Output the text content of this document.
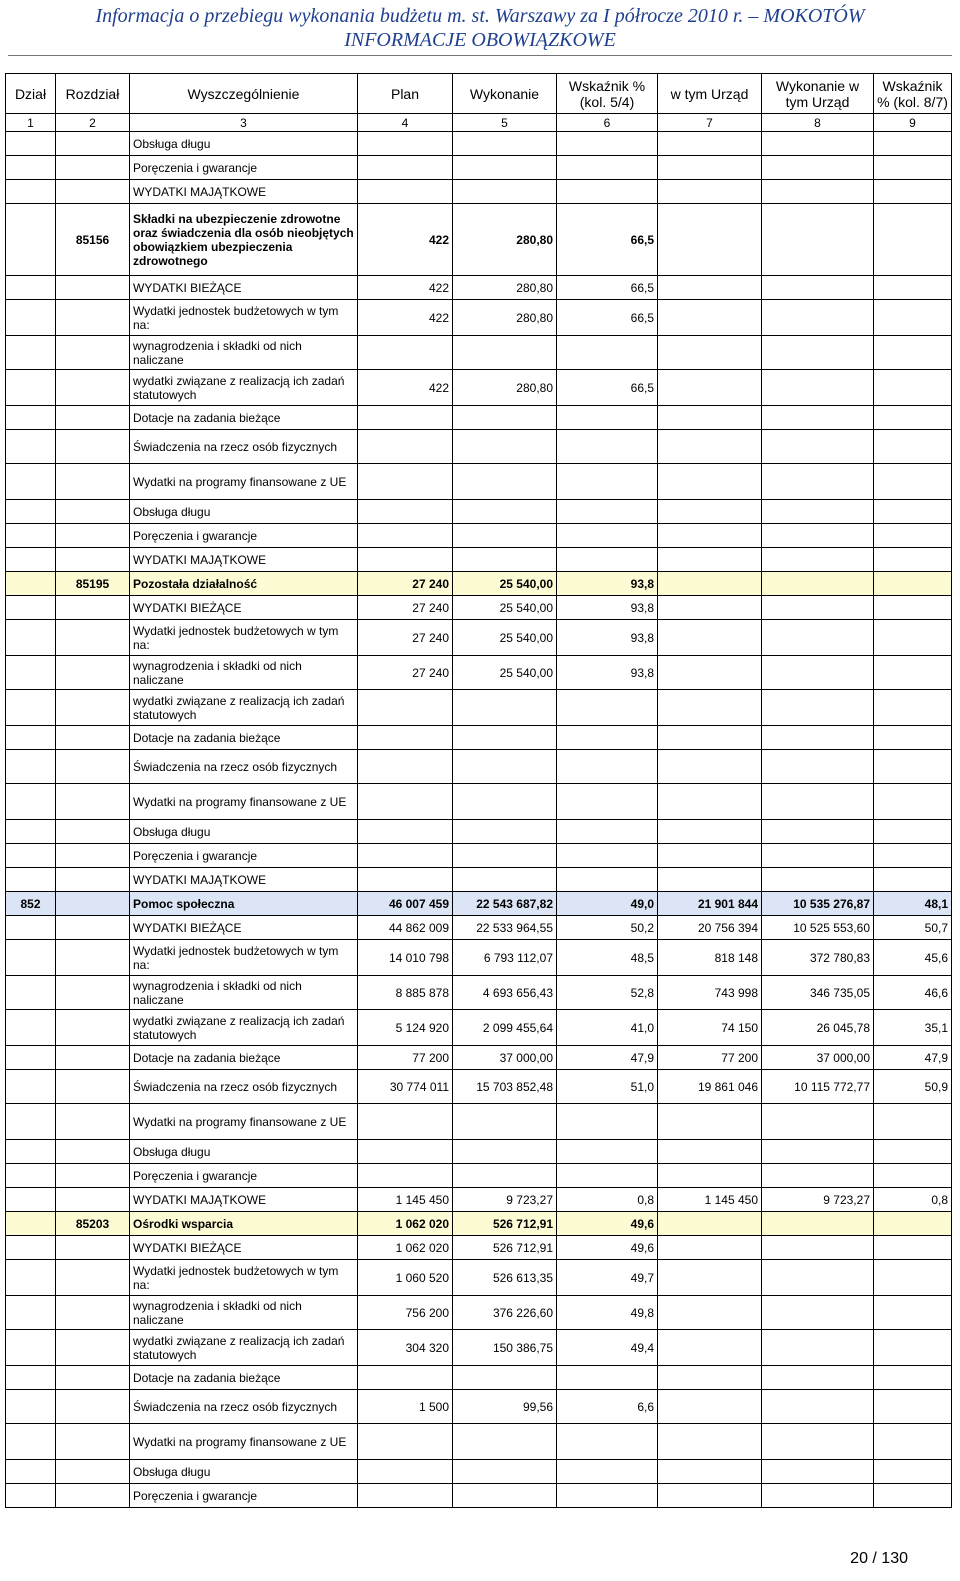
Informacja o przebiegu wykonania budżetu m. st. Warszawy za I półrocze 2010 r. – MOKOTÓW
INFORMACJE OBOWIĄZKOWE
Dział	Rozdział	Wyszczególnienie	Plan	Wykonanie	Wskaźnik % (kol. 5/4)	w tym Urząd	Wykonanie w tym Urząd	Wskaźnik % (kol. 8/7)
1	2	3	4	5	6	7	8	9
		Obsługa długu						
		Poręczenia i gwarancje						
		WYDATKI MAJĄTKOWE						
	85156	Składki na ubezpieczenie zdrowotne oraz świadczenia dla osób nieobjętych obowiązkiem ubezpieczenia zdrowotnego	422	280,80	66,5			
		WYDATKI BIEŻĄCE	422	280,80	66,5			
		Wydatki jednostek budżetowych w tym na:	422	280,80	66,5			
		wynagrodzenia i składki od nich naliczane						
		wydatki związane z realizacją ich zadań statutowych	422	280,80	66,5			
		Dotacje na zadania bieżące						
		Świadczenia na rzecz osób fizycznych						
		Wydatki na programy finansowane z UE						
		Obsługa długu						
		Poręczenia i gwarancje						
		WYDATKI MAJĄTKOWE						
	85195	Pozostała działalność	27 240	25 540,00	93,8			
		WYDATKI BIEŻĄCE	27 240	25 540,00	93,8			
		Wydatki jednostek budżetowych w tym na:	27 240	25 540,00	93,8			
		wynagrodzenia i składki od nich naliczane	27 240	25 540,00	93,8			
		wydatki związane z realizacją ich zadań statutowych						
		Dotacje na zadania bieżące						
		Świadczenia na rzecz osób fizycznych						
		Wydatki na programy finansowane z UE						
		Obsługa długu						
		Poręczenia i gwarancje						
		WYDATKI MAJĄTKOWE						
852		Pomoc społeczna	46 007 459	22 543 687,82	49,0	21 901 844	10 535 276,87	48,1
		WYDATKI BIEŻĄCE	44 862 009	22 533 964,55	50,2	20 756 394	10 525 553,60	50,7
		Wydatki jednostek budżetowych w tym na:	14 010 798	6 793 112,07	48,5	818 148	372 780,83	45,6
		wynagrodzenia i składki od nich naliczane	8 885 878	4 693 656,43	52,8	743 998	346 735,05	46,6
		wydatki związane z realizacją ich zadań statutowych	5 124 920	2 099 455,64	41,0	74 150	26 045,78	35,1
		Dotacje na zadania bieżące	77 200	37 000,00	47,9	77 200	37 000,00	47,9
		Świadczenia na rzecz osób fizycznych	30 774 011	15 703 852,48	51,0	19 861 046	10 115 772,77	50,9
		Wydatki na programy finansowane z UE						
		Obsługa długu						
		Poręczenia i gwarancje						
		WYDATKI MAJĄTKOWE	1 145 450	9 723,27	0,8	1 145 450	9 723,27	0,8
	85203	Ośrodki wsparcia	1 062 020	526 712,91	49,6			
		WYDATKI BIEŻĄCE	1 062 020	526 712,91	49,6			
		Wydatki jednostek budżetowych w tym na:	1 060 520	526 613,35	49,7			
		wynagrodzenia i składki od nich naliczane	756 200	376 226,60	49,8			
		wydatki związane z realizacją ich zadań statutowych	304 320	150 386,75	49,4			
		Dotacje na zadania bieżące						
		Świadczenia na rzecz osób fizycznych	1 500	99,56	6,6			
		Wydatki na programy finansowane z UE						
		Obsługa długu						
		Poręczenia i gwarancje						
20 / 130
